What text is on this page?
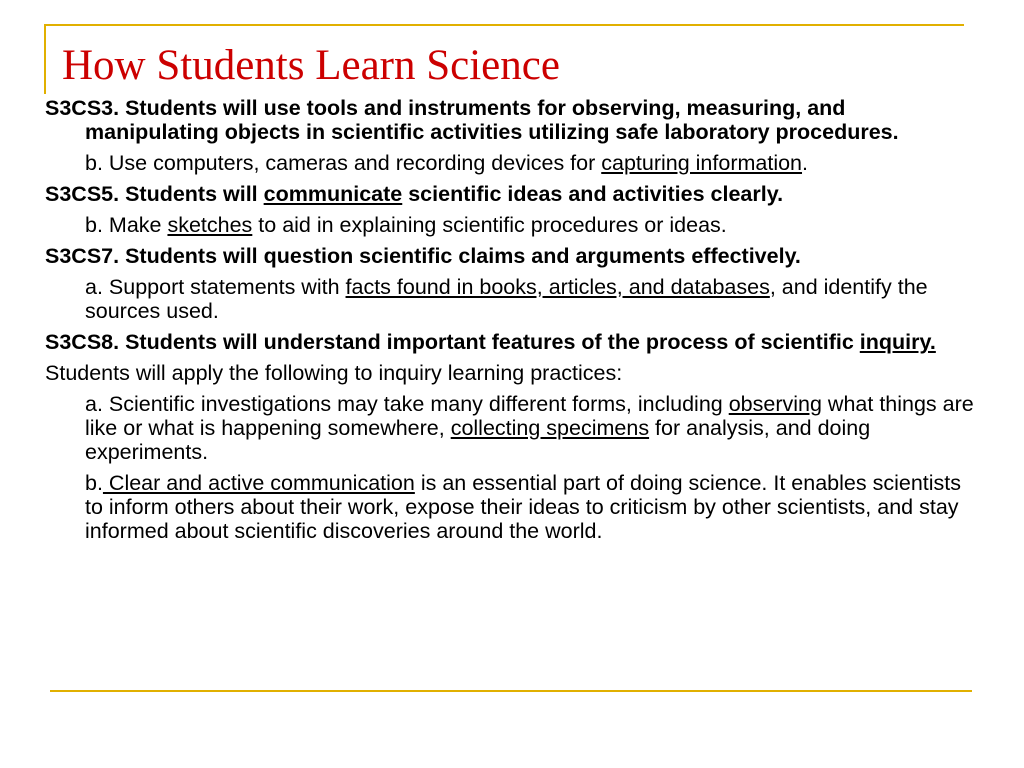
How Students Learn Science

S3CS3. Students will use tools and instruments for observing, measuring, and manipulating objects in scientific activities utilizing safe laboratory procedures.

b. Use computers, cameras and recording devices for capturing information.

S3CS5. Students will communicate scientific ideas and activities clearly.

b. Make sketches to aid in explaining scientific procedures or ideas.

S3CS7. Students will question scientific claims and arguments effectively.

a. Support statements with facts found in books, articles, and databases, and identify the sources used.

S3CS8. Students will understand important features of the process of scientific inquiry.

Students will apply the following to inquiry learning practices:

a. Scientific investigations may take many different forms, including observing what things are like or what is happening somewhere, collecting specimens for analysis, and doing experiments.

b. Clear and active communication is an essential part of doing science. It enables scientists to inform others about their work, expose their ideas to criticism by other scientists, and stay informed about scientific discoveries around the world.
